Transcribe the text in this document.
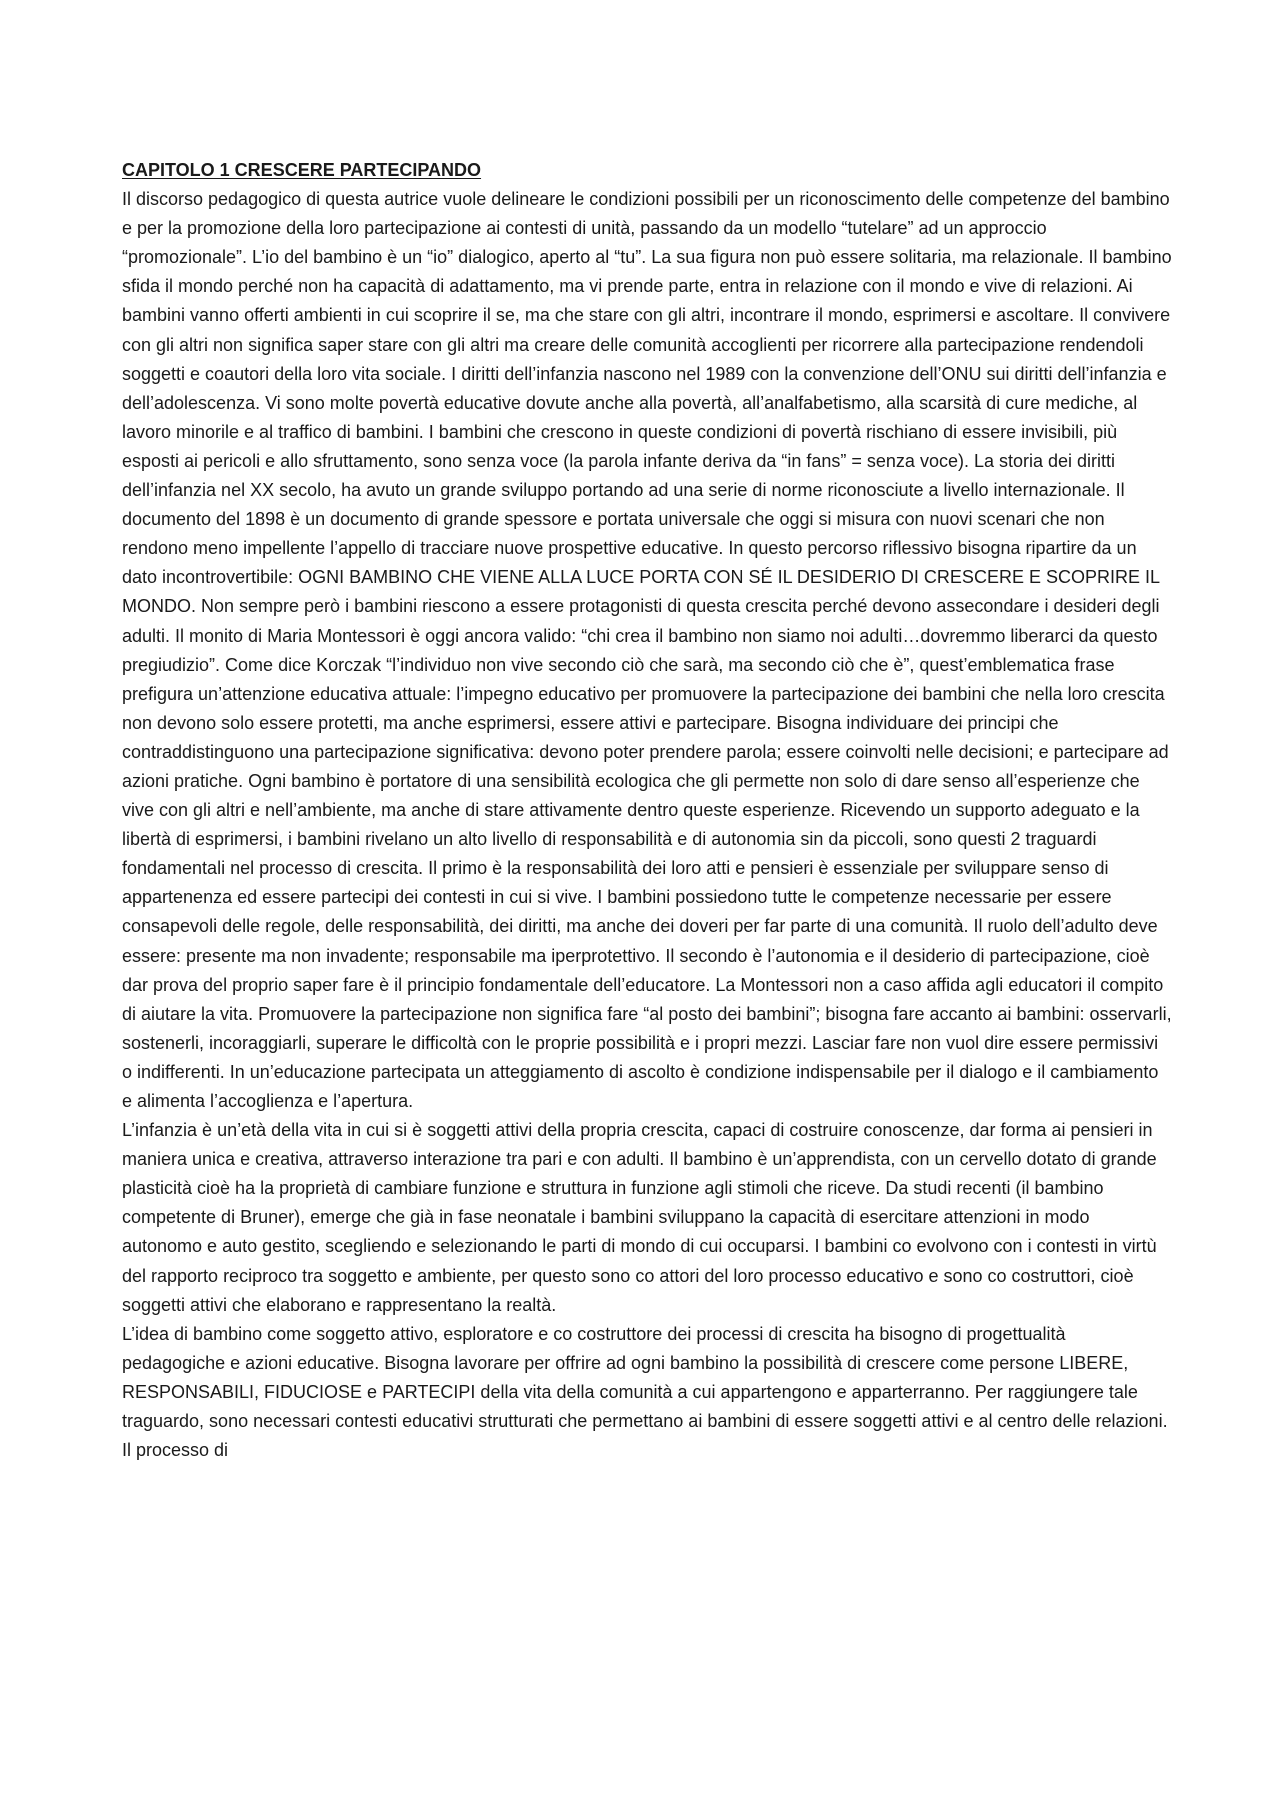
CAPITOLO 1 CRESCERE PARTECIPANDO

Il discorso pedagogico di questa autrice vuole delineare le condizioni possibili per un riconoscimento delle competenze del bambino e per la promozione della loro partecipazione ai contesti di unità, passando da un modello “tutelare” ad un approccio “promozionale”. L’io del bambino è un “io” dialogico, aperto al “tu”. La sua figura non può essere solitaria, ma relazionale. Il bambino sfida il mondo perché non ha capacità di adattamento, ma vi prende parte, entra in relazione con il mondo e vive di relazioni. Ai bambini vanno offerti ambienti in cui scoprire il se, ma che stare con gli altri, incontrare il mondo, esprimersi e ascoltare. Il convivere con gli altri non significa saper stare con gli altri ma creare delle comunità accoglienti per ricorrere alla partecipazione rendendoli soggetti e coautori della loro vita sociale. I diritti dell’infanzia nascono nel 1989 con la convenzione dell’ONU sui diritti dell’infanzia e dell’adolescenza. Vi sono molte povertà educative dovute anche alla povertà, all’analfabetismo, alla scarsità di cure mediche, al lavoro minorile e al traffico di bambini. I bambini che crescono in queste condizioni di povertà rischiano di essere invisibili, più esposti ai pericoli e allo sfruttamento, sono senza voce (la parola infante deriva da “in fans” = senza voce). La storia dei diritti dell’infanzia nel XX secolo, ha avuto un grande sviluppo portando ad una serie di norme riconosciute a livello internazionale. Il documento del 1898 è un documento di grande spessore e portata universale che oggi si misura con nuovi scenari che non rendono meno impellente l’appello di tracciare nuove prospettive educative. In questo percorso riflessivo bisogna ripartire da un dato incontrovertibile: OGNI BAMBINO CHE VIENE ALLA LUCE PORTA CON SÉ IL DESIDERIO DI CRESCERE E SCOPRIRE IL MONDO. Non sempre però i bambini riescono a essere protagonisti di questa crescita perché devono assecondare i desideri degli adulti. Il monito di Maria Montessori è oggi ancora valido: “chi crea il bambino non siamo noi adulti…dovremmo liberarci da questo pregiudizio”. Come dice Korczak “l’individuo non vive secondo ciò che sarà, ma secondo ciò che è”, quest’emblematica frase prefigura un’attenzione educativa attuale: l’impegno educativo per promuovere la partecipazione dei bambini che nella loro crescita non devono solo essere protetti, ma anche esprimersi, essere attivi e partecipare. Bisogna individuare dei principi che contraddistinguono una partecipazione significativa: devono poter prendere parola; essere coinvolti nelle decisioni; e partecipare ad azioni pratiche. Ogni bambino è portatore di una sensibilità ecologica che gli permette non solo di dare senso all’esperienze che vive con gli altri e nell’ambiente, ma anche di stare attivamente dentro queste esperienze. Ricevendo un supporto adeguato e la libertà di esprimersi, i bambini rivelano un alto livello di responsabilità e di autonomia sin da piccoli, sono questi 2 traguardi fondamentali nel processo di crescita. Il primo è la responsabilità dei loro atti e pensieri è essenziale per sviluppare senso di appartenenza ed essere partecipi dei contesti in cui si vive. I bambini possiedono tutte le competenze necessarie per essere consapevoli delle regole, delle responsabilità, dei diritti, ma anche dei doveri per far parte di una comunità. Il ruolo dell’adulto deve essere: presente ma non invadente; responsabile ma iperprotettivo. Il secondo è l’autonomia e il desiderio di partecipazione, cioè dar prova del proprio saper fare è il principio fondamentale dell’educatore. La Montessori non a caso affida agli educatori il compito di aiutare la vita. Promuovere la partecipazione non significa fare “al posto dei bambini”; bisogna fare accanto ai bambini: osservarli, sostenerli, incoraggiarli, superare le difficoltà con le proprie possibilità e i propri mezzi. Lasciar fare non vuol dire essere permissivi o indifferenti. In un’educazione partecipata un atteggiamento di ascolto è condizione indispensabile per il dialogo e il cambiamento e alimenta l’accoglienza e l’apertura.

L’infanzia è un’età della vita in cui si è soggetti attivi della propria crescita, capaci di costruire conoscenze, dar forma ai pensieri in maniera unica e creativa, attraverso interazione tra pari e con adulti. Il bambino è un’apprendista, con un cervello dotato di grande plasticità cioè ha la proprietà di cambiare funzione e struttura in funzione agli stimoli che riceve. Da studi recenti (il bambino competente di Bruner), emerge che già in fase neonatale i bambini sviluppano la capacità di esercitare attenzioni in modo autonomo e auto gestito, scegliendo e selezionando le parti di mondo di cui occuparsi. I bambini co evolvono con i contesti in virtù del rapporto reciproco tra soggetto e ambiente, per questo sono co attori del loro processo educativo e sono co costruttori, cioè soggetti attivi che elaborano e rappresentano la realtà.

L’idea di bambino come soggetto attivo, esploratore e co costruttore dei processi di crescita ha bisogno di progettualità pedagogiche e azioni educative. Bisogna lavorare per offrire ad ogni bambino la possibilità di crescere come persone LIBERE, RESPONSABILI, FIDUCIOSE e PARTECIPI della vita della comunità a cui appartengono e apparterranno. Per raggiungere tale traguardo, sono necessari contesti educativi strutturati che permettano ai bambini di essere soggetti attivi e al centro delle relazioni. Il processo di
